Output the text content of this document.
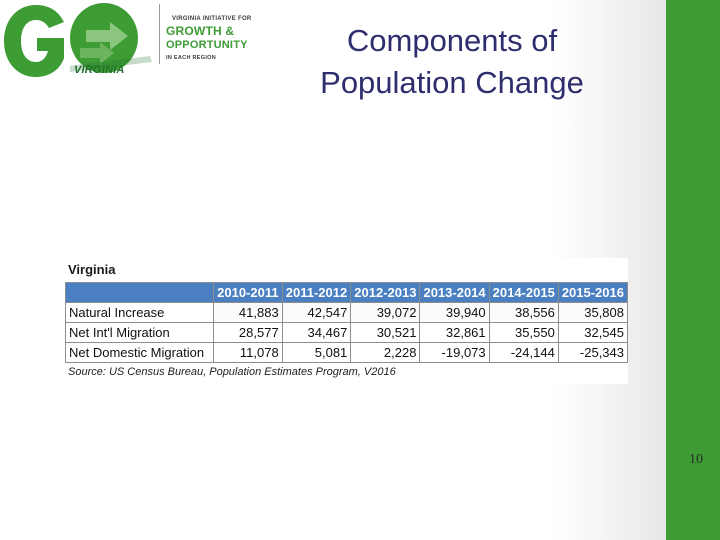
VIRGINIA
VIRGINIA INITIATIVE FOR
GROWTH &
OPPORTUNITY
IN EACH REGION	Components of
Population Change
Virginia
	2010-2011	2011-2012	2012-2013	2013-2014	2014-2015	2015-2016
Natural Increase	41,883	42,547	39,072	39,940	38,556	35,808
Net Int'l Migration	28,577	34,467	30,521	32,861	35,550	32,545
Net Domestic Migration	11,078	5,081	2,228	-19,073	-24,144	-25,343
Source: US Census Bureau, Population Estimates Program, V2016
10
